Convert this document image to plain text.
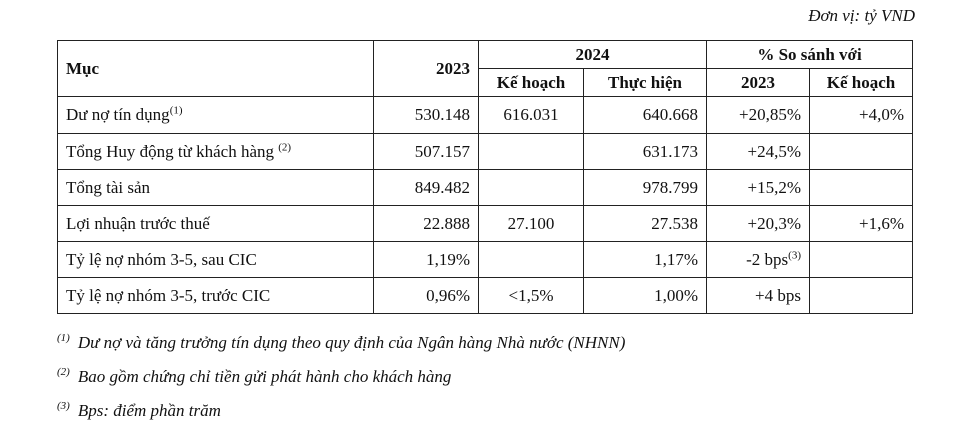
Đơn vị: tỷ VND
Mục	2023	2024		% So sánh với	
		Kế hoạch	Thực hiện	2023	Kế hoạch
Dư nợ tín dụng$^{(1)}$	530.148	616.031	640.668	+20,85%	+4,0%
Tổng Huy động từ khách hàng $^{(2)}$	507.157		631.173	+24,5%	
Tổng tài sản	849.482		978.799	+15,2%	
Lợi nhuận trước thuế	22.888	27.100	27.538	+20,3%	+1,6%
Tỷ lệ nợ nhóm 3-5, sau CIC	1,19%		1,17%	-2 bps$^{(3)}$	
Tỷ lệ nợ nhóm 3-5, trước CIC	0,96%	<1,5%	1,00%	+4 bps	
$^{(1)}$ Dư nợ và tăng trưởng tín dụng theo quy định của Ngân hàng Nhà nước (NHNN)
$^{(2)}$ Bao gồm chứng chỉ tiền gửi phát hành cho khách hàng
$^{(3)}$ Bps: điểm phần trăm
